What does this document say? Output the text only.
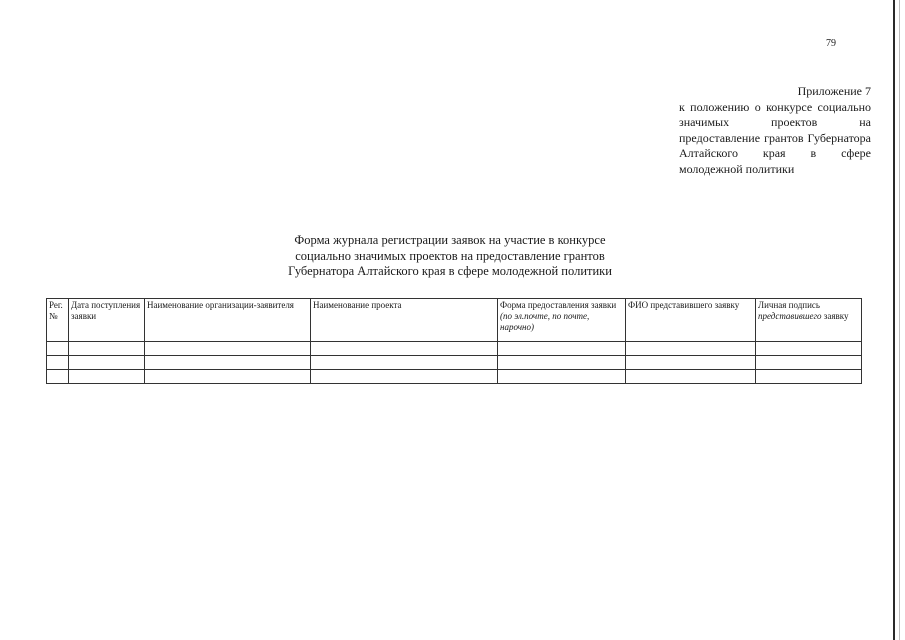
79
Приложение 7
к положению о конкурсе социально значимых проектов на предоставление грантов Губернатора Алтайского края в сфере молодежной политики
Форма журнала регистрации заявок на участие в конкурсе
социально значимых проектов на предоставление грантов
Губернатора Алтайского края в сфере молодежной политики
Рег. №	Дата поступления заявки	Наименование организации-заявителя	Наименование проекта	Форма предоставления заявки (по эл.почте, по почте, нарочно)	ФИО представившего заявку	Личная подпись представившего заявку
